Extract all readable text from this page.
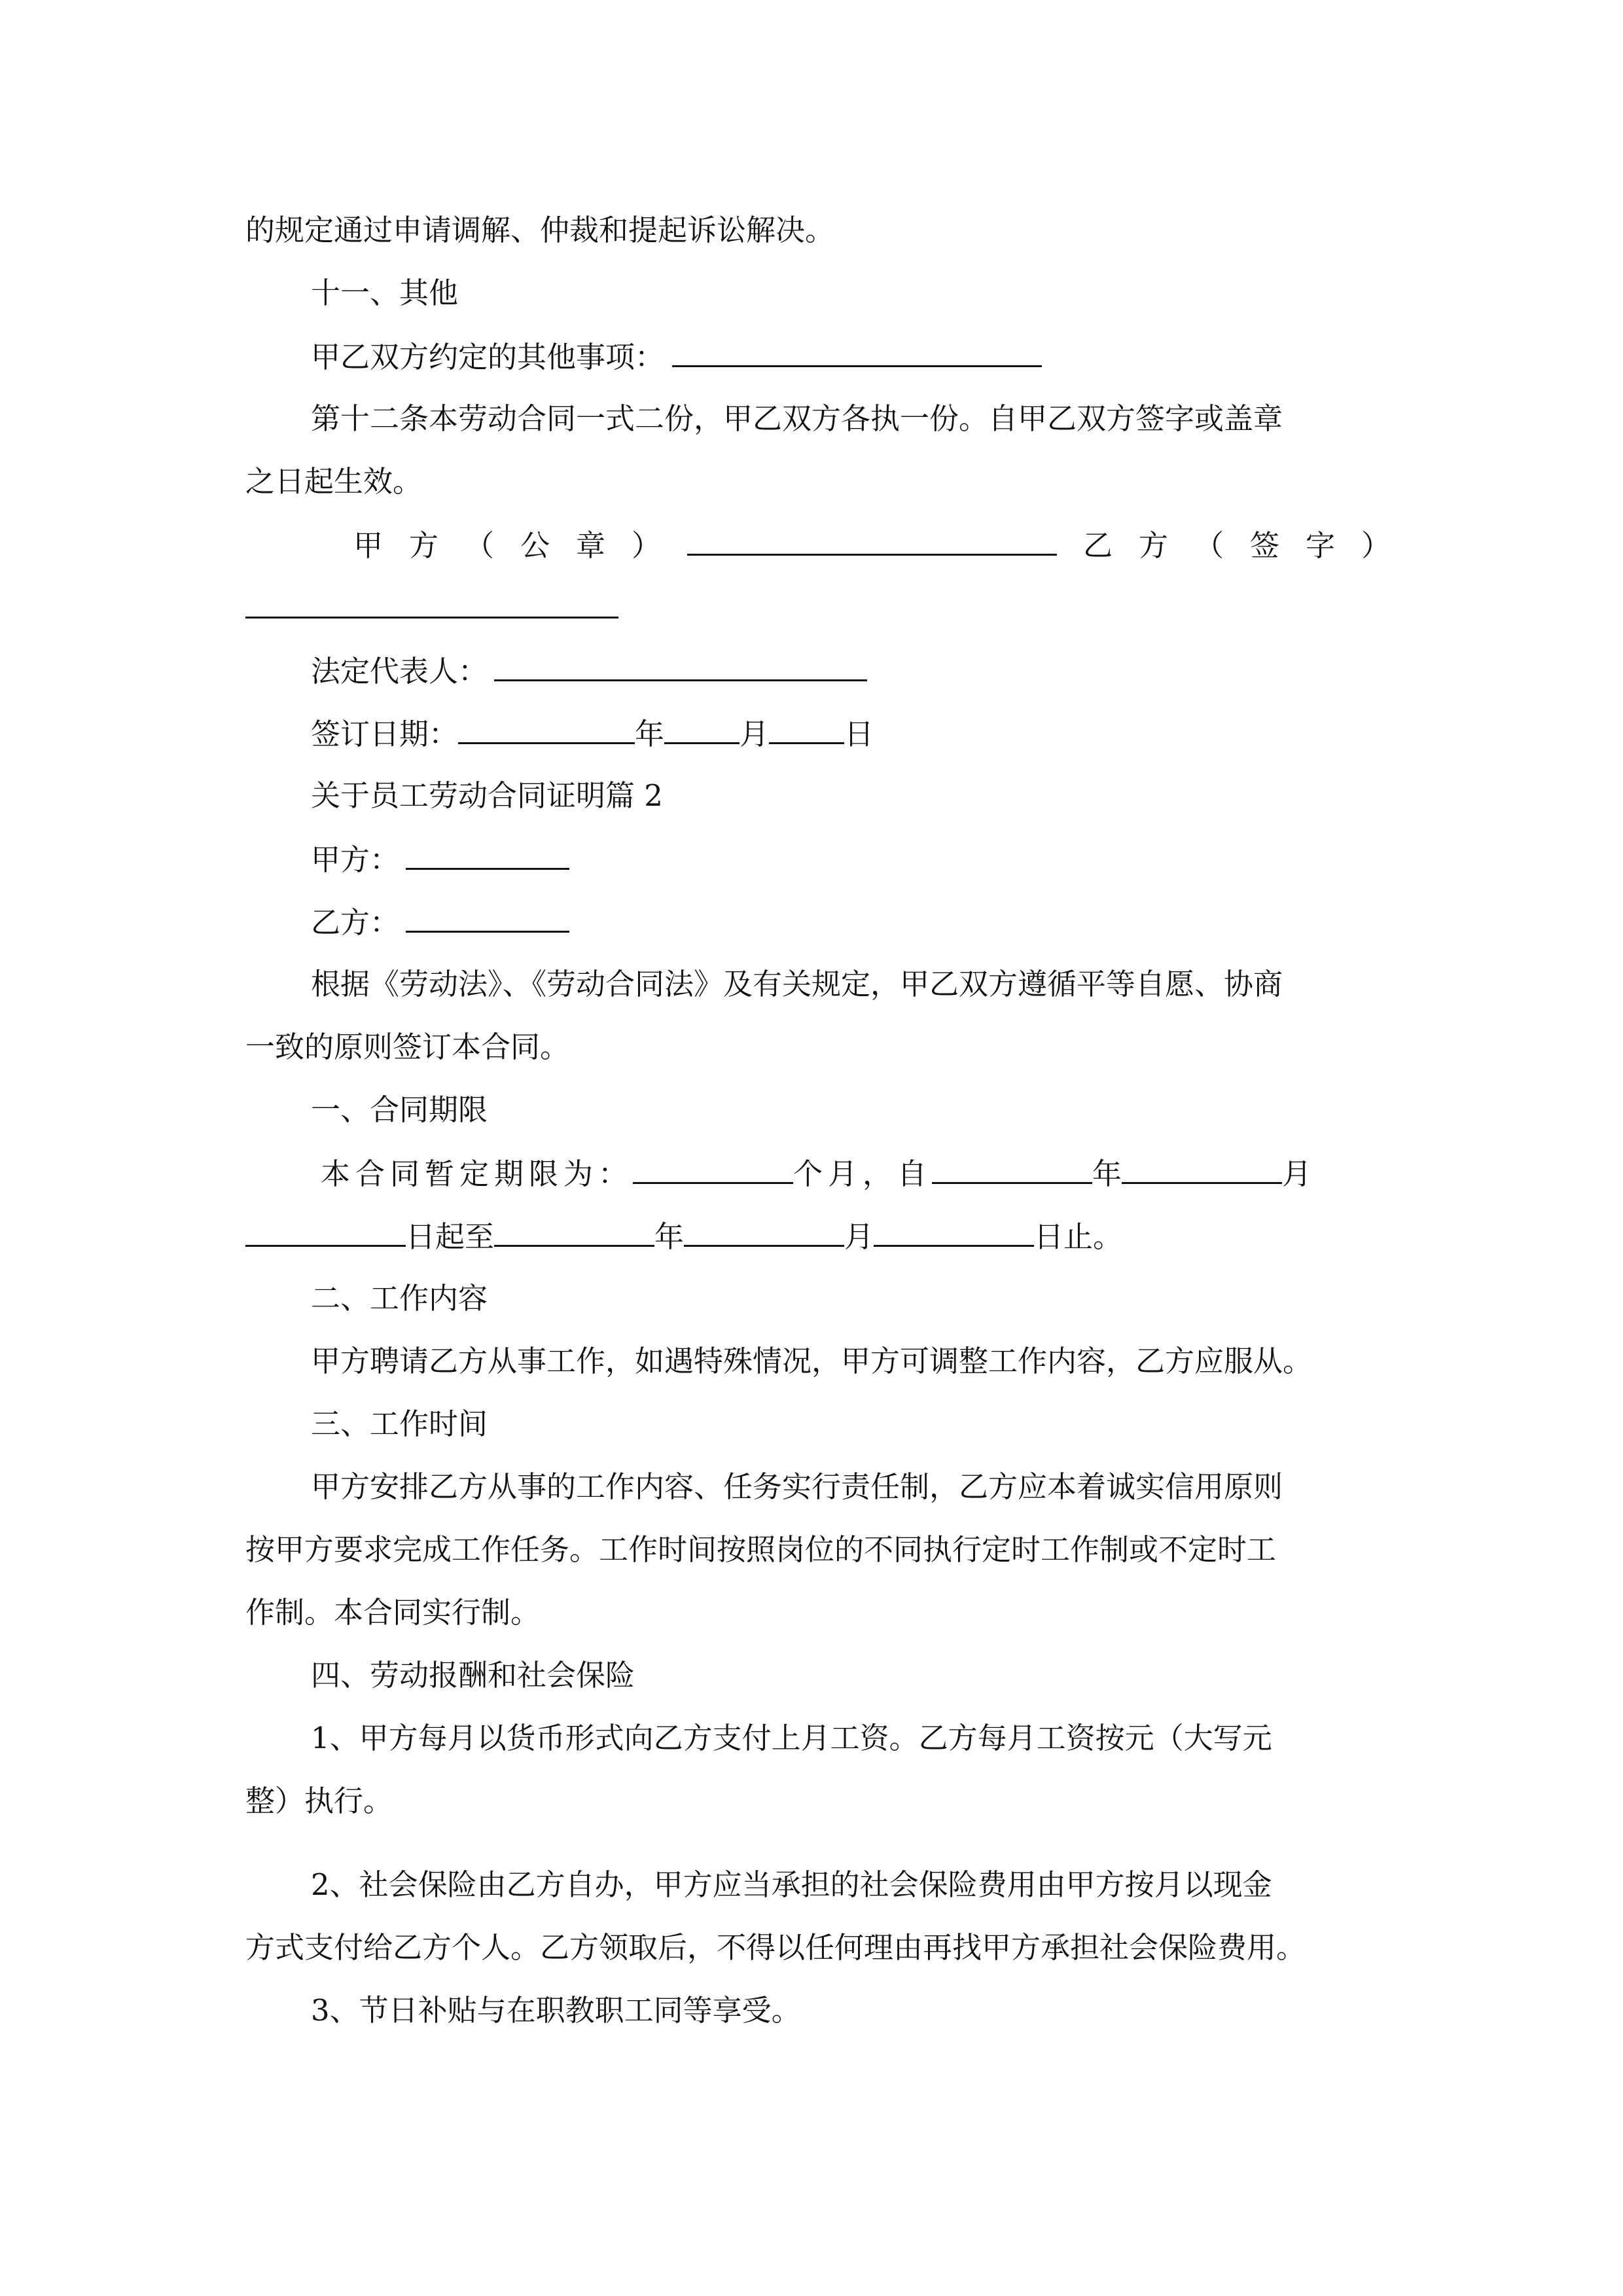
的规定通过申请调解、仲裁和提起诉讼解决。
十一、其他
甲乙双方约定的其他事项：
第十二条本劳动合同一式二份，甲乙双方各执一份。自甲乙双方签字或盖章
之日起生效。
甲方（公章）	乙方（签字）
法定代表人：
签订日期：	年	月	日
关于员工劳动合同证明篇 2
甲方：
乙方：
根据《劳动法》、《劳动合同法》及有关规定，甲乙双方遵循平等自愿、协商
一致的原则签订本合同。
一、合同期限
本合同暂定期限为：	个月，自	年	月
日起至	年	月	日止。
二、工作内容
甲方聘请乙方从事工作，如遇特殊情况，甲方可调整工作内容，乙方应服从。
三、工作时间
甲方安排乙方从事的工作内容、任务实行责任制，乙方应本着诚实信用原则
按甲方要求完成工作任务。工作时间按照岗位的不同执行定时工作制或不定时工
作制。本合同实行制。
四、劳动报酬和社会保险
1、甲方每月以货币形式向乙方支付上月工资。乙方每月工资按元（大写元
整）执行。
2、社会保险由乙方自办，甲方应当承担的社会保险费用由甲方按月以现金
方式支付给乙方个人。乙方领取后，不得以任何理由再找甲方承担社会保险费用。
3、节日补贴与在职教职工同等享受。
